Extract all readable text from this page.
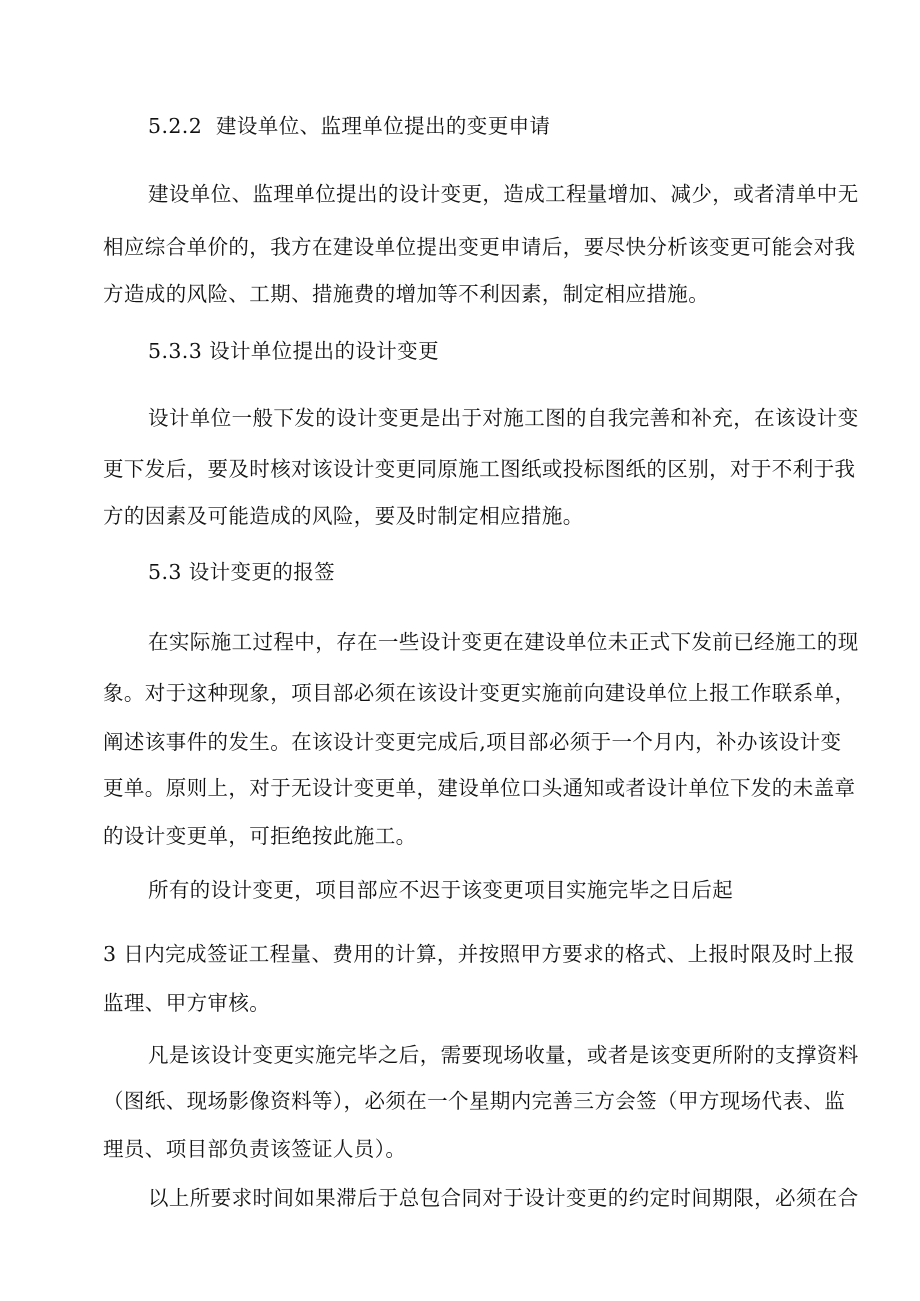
5.2.2  建设单位、监理单位提出的变更申请

建设单位、监理单位提出的设计变更，造成工程量增加、减少，或者清单中无

相应综合单价的，我方在建设单位提出变更申请后，要尽快分析该变更可能会对我

方造成的风险、工期、措施费的增加等不利因素，制定相应措施。

5.3.3 设计单位提出的设计变更

设计单位一般下发的设计变更是出于对施工图的自我完善和补充，在该设计变

更下发后，要及时核对该设计变更同原施工图纸或投标图纸的区别，对于不利于我

方的因素及可能造成的风险，要及时制定相应措施。

5.3 设计变更的报签

在实际施工过程中，存在一些设计变更在建设单位未正式下发前已经施工的现

象。对于这种现象，项目部必须在该设计变更实施前向建设单位上报工作联系单，

阐述该事件的发生。在该设计变更完成后,项目部必须于一个月内，补办该设计变

更单。原则上，对于无设计变更单，建设单位口头通知或者设计单位下发的未盖章

的设计变更单，可拒绝按此施工。

所有的设计变更，项目部应不迟于该变更项目实施完毕之日后起

3 日内完成签证工程量、费用的计算，并按照甲方要求的格式、上报时限及时上报

监理、甲方审核。

凡是该设计变更实施完毕之后，需要现场收量，或者是该变更所附的支撑资料

（图纸、现场影像资料等），必须在一个星期内完善三方会签（甲方现场代表、监

理员、项目部负责该签证人员）。

以上所要求时间如果滞后于总包合同对于设计变更的约定时间期限，必须在合
